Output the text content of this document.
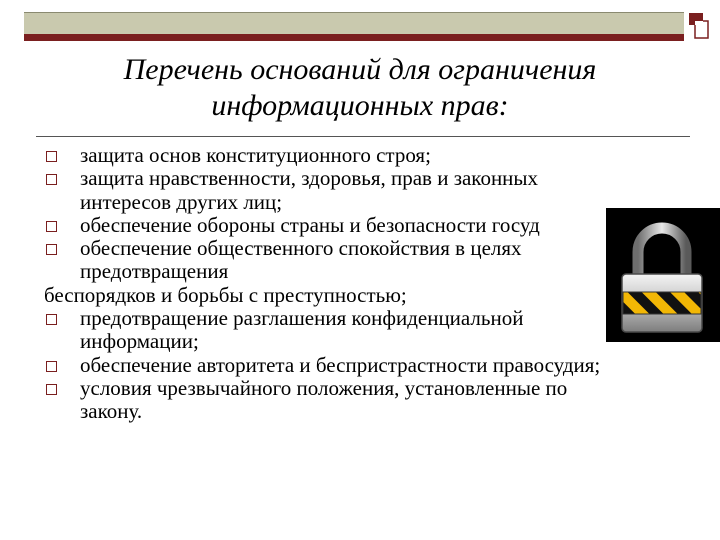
Перечень оснований для ограничения
информационных прав:
защита основ конституционного строя;
защита нравственности, здоровья, прав и законных
интересов других лиц;
обеспечение обороны страны и безопасности госуд
обеспечение общественного спокойствия в целях
предотвращения
беспорядков и борьбы с преступностью;
предотвращение разглашения конфиденциальной
информации;
обеспечение авторитета и беспристрастности правосудия;
условия чрезвычайного положения, установленные по
закону.
